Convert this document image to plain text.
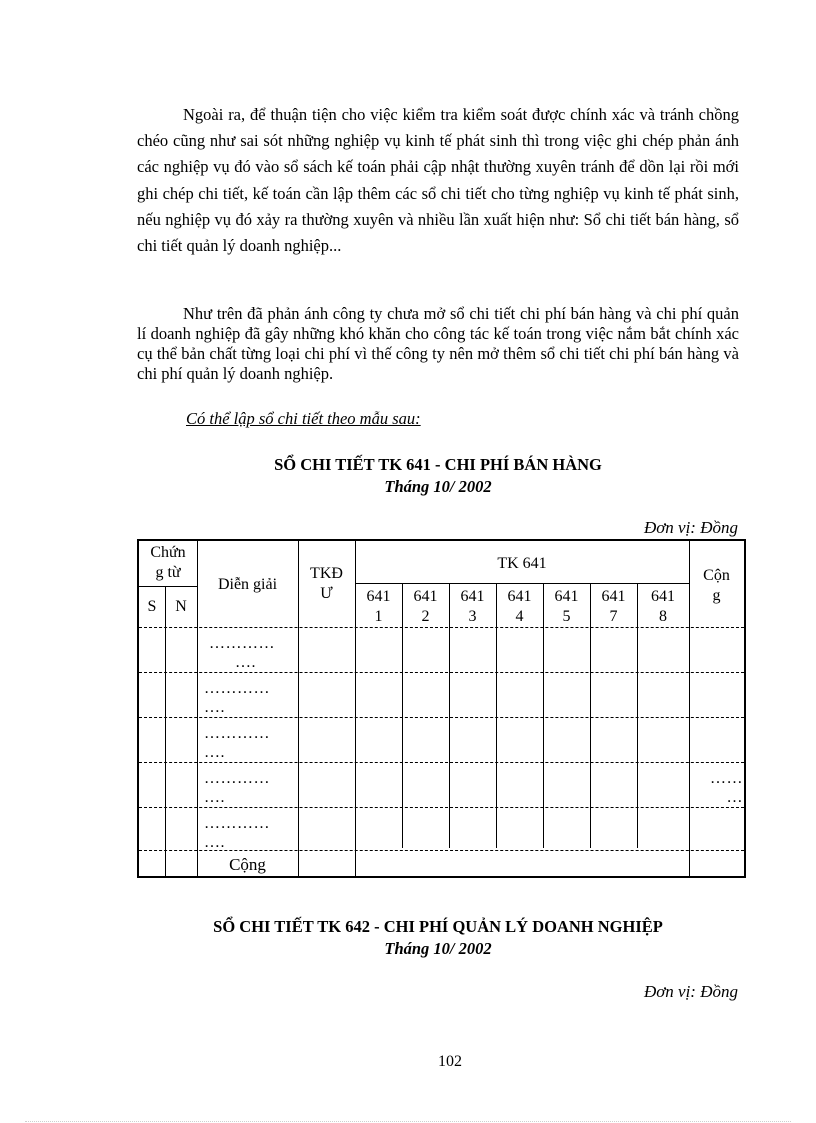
Ngoài ra, để thuận tiện cho việc kiểm tra kiểm soát được chính xác và tránh chồng chéo cũng như sai sót những nghiệp vụ kinh tế phát sinh thì trong việc ghi chép phản ánh các nghiệp vụ đó vào sổ sách kế toán phải cập nhật thường xuyên tránh để dồn lại rồi mới ghi chép chi tiết, kế toán cần lập thêm các sổ chi tiết cho từng nghiệp vụ kinh tế phát sinh, nếu nghiệp vụ đó xảy ra thường xuyên và nhiều lần xuất hiện như: Sổ chi tiết bán hàng, sổ chi tiết quản lý doanh nghiệp...
Như trên đã phản ánh công ty chưa mở sổ chi tiết chi phí bán hàng và chi phí quản lí doanh nghiệp đã gây những khó khăn cho công tác kế toán trong việc nắm bắt chính xác cụ thể bản chất từng loại chi phí vì thế công ty nên mở thêm sổ chi tiết chi phí bán hàng và chi phí quản lý doanh nghiệp.
Có thể lập sổ chi tiết theo mẫu sau:
SỔ CHI TIẾT TK 641 - CHI PHÍ BÁN HÀNG
Tháng 10/ 2002
Đơn vị: Đồng
Chứn
g từ
S	N
Diễn giải
TKĐ
Ư
TK 641
Cộn
g
641
1
641
2
641
3
641
4
641
5
641
7
641
8
…………
….
…………
….
…………
….
…………
….
……
…
…………
….
Cộng
SỔ CHI TIẾT TK 642 - CHI PHÍ QUẢN LÝ DOANH NGHIỆP
Tháng 10/ 2002
Đơn vị: Đồng
102
